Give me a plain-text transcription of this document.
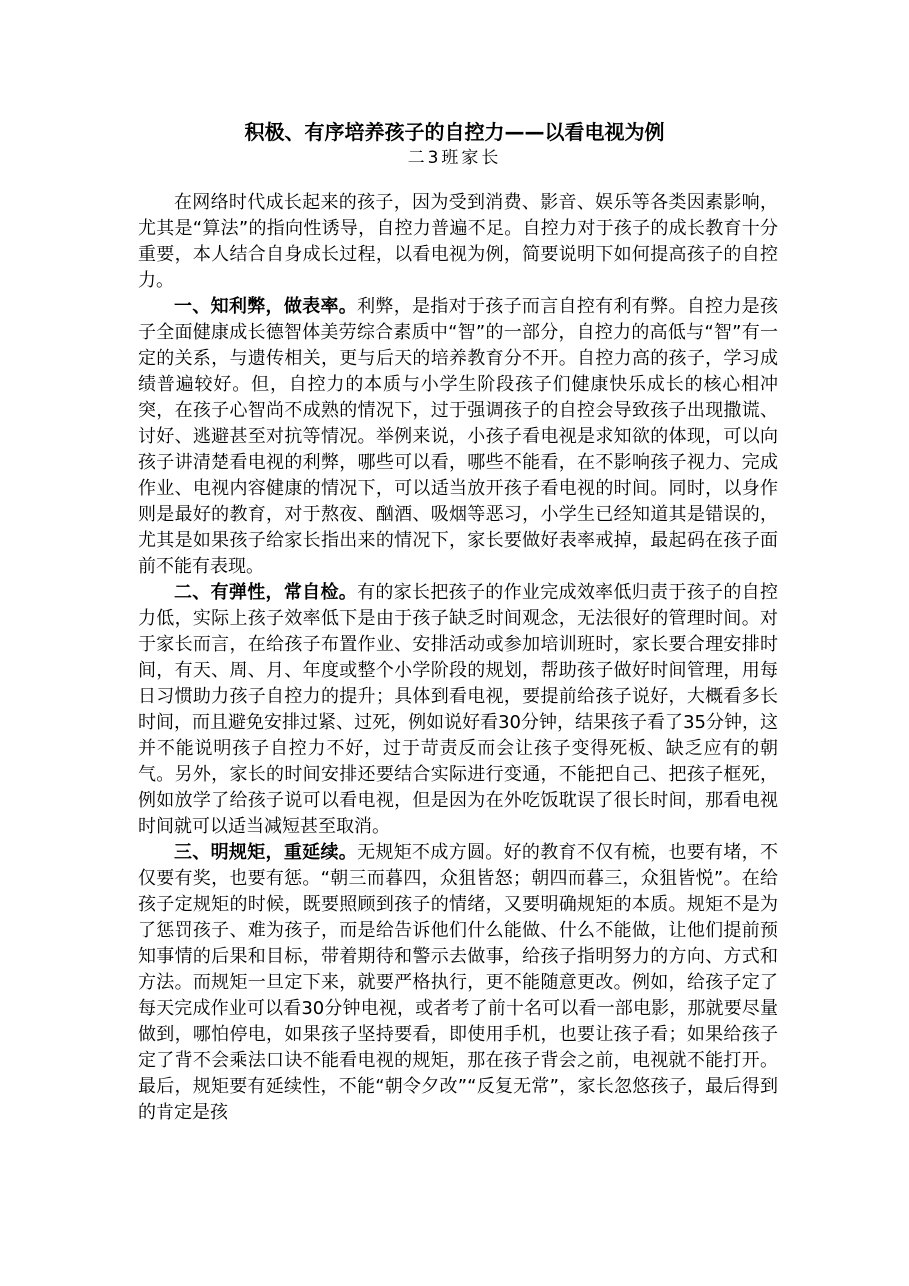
积极、有序培养孩子的自控力——以看电视为例
二3班家长

在网络时代成长起来的孩子，因为受到消费、影音、娱乐等各类因素影响，尤其是“算法”的指向性诱导，自控力普遍不足。自控力对于孩子的成长教育十分重要，本人结合自身成长过程，以看电视为例，简要说明下如何提高孩子的自控力。

一、知利弊，做表率。利弊，是指对于孩子而言自控有利有弊。自控力是孩子全面健康成长德智体美劳综合素质中“智”的一部分，自控力的高低与“智”有一定的关系，与遗传相关，更与后天的培养教育分不开。自控力高的孩子，学习成绩普遍较好。但，自控力的本质与小学生阶段孩子们健康快乐成长的核心相冲突，在孩子心智尚不成熟的情况下，过于强调孩子的自控会导致孩子出现撒谎、讨好、逃避甚至对抗等情况。举例来说，小孩子看电视是求知欲的体现，可以向孩子讲清楚看电视的利弊，哪些可以看，哪些不能看，在不影响孩子视力、完成作业、电视内容健康的情况下，可以适当放开孩子看电视的时间。同时，以身作则是最好的教育，对于熬夜、酗酒、吸烟等恶习，小学生已经知道其是错误的，尤其是如果孩子给家长指出来的情况下，家长要做好表率戒掉，最起码在孩子面前不能有表现。

二、有弹性，常自检。有的家长把孩子的作业完成效率低归责于孩子的自控力低，实际上孩子效率低下是由于孩子缺乏时间观念，无法很好的管理时间。对于家长而言，在给孩子布置作业、安排活动或参加培训班时，家长要合理安排时间，有天、周、月、年度或整个小学阶段的规划，帮助孩子做好时间管理，用每日习惯助力孩子自控力的提升；具体到看电视，要提前给孩子说好，大概看多长时间，而且避免安排过紧、过死，例如说好看30分钟，结果孩子看了35分钟，这并不能说明孩子自控力不好，过于苛责反而会让孩子变得死板、缺乏应有的朝气。另外，家长的时间安排还要结合实际进行变通，不能把自己、把孩子框死，例如放学了给孩子说可以看电视，但是因为在外吃饭耽误了很长时间，那看电视时间就可以适当减短甚至取消。

三、明规矩，重延续。无规矩不成方圆。好的教育不仅有梳，也要有堵，不仅要有奖，也要有惩。“朝三而暮四，众狙皆怒；朝四而暮三，众狙皆悦”。在给孩子定规矩的时候，既要照顾到孩子的情绪，又要明确规矩的本质。规矩不是为了惩罚孩子、难为孩子，而是给告诉他们什么能做、什么不能做，让他们提前预知事情的后果和目标，带着期待和警示去做事，给孩子指明努力的方向、方式和方法。而规矩一旦定下来，就要严格执行，更不能随意更改。例如，给孩子定了每天完成作业可以看30分钟电视，或者考了前十名可以看一部电影，那就要尽量做到，哪怕停电，如果孩子坚持要看，即使用手机，也要让孩子看；如果给孩子定了背不会乘法口诀不能看电视的规矩，那在孩子背会之前，电视就不能打开。最后，规矩要有延续性，不能“朝令夕改”“反复无常”，家长忽悠孩子，最后得到的肯定是孩
